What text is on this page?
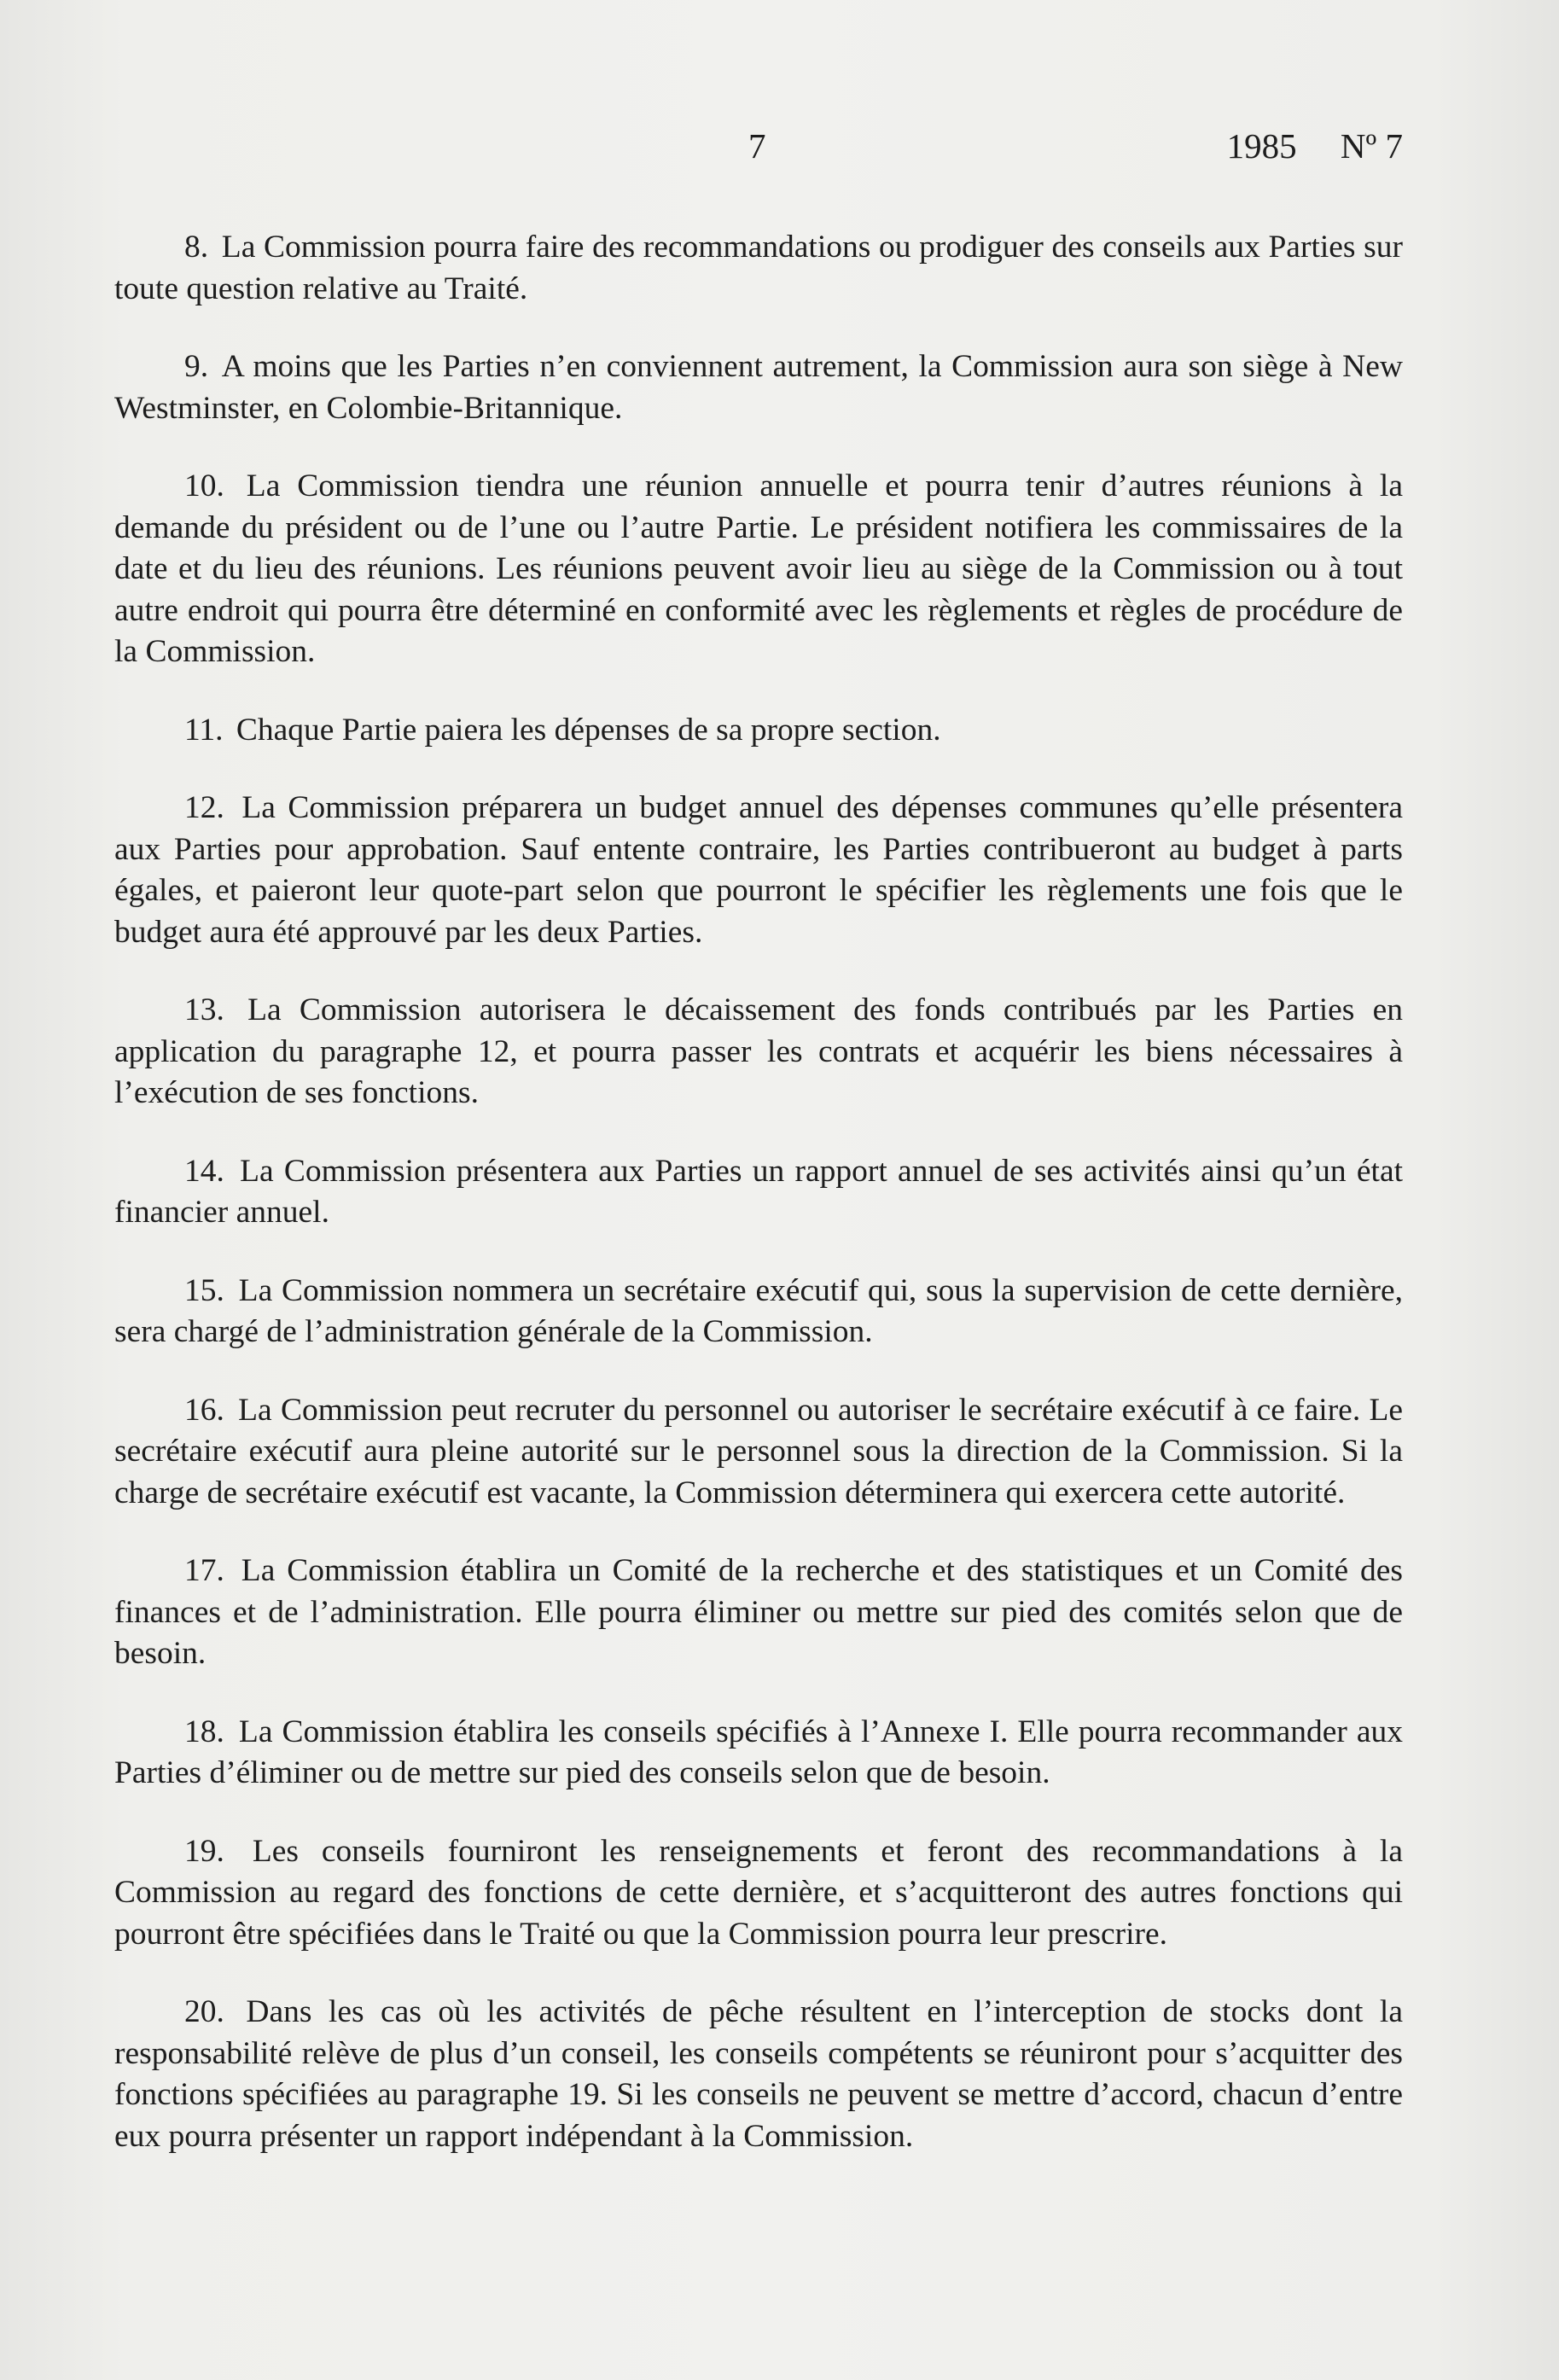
7	1985 Nº 7

8. La Commission pourra faire des recommandations ou prodiguer des conseils aux Parties sur toute question relative au Traité.

9. A moins que les Parties n’en conviennent autrement, la Commission aura son siège à New Westminster, en Colombie-Britannique.

10. La Commission tiendra une réunion annuelle et pourra tenir d’autres réunions à la demande du président ou de l’une ou l’autre Partie. Le président notifiera les commissaires de la date et du lieu des réunions. Les réunions peuvent avoir lieu au siège de la Commission ou à tout autre endroit qui pourra être déterminé en conformité avec les règlements et règles de procédure de la Commission.

11. Chaque Partie paiera les dépenses de sa propre section.

12. La Commission préparera un budget annuel des dépenses communes qu’elle présentera aux Parties pour approbation. Sauf entente contraire, les Parties contribueront au budget à parts égales, et paieront leur quote-part selon que pourront le spécifier les règlements une fois que le budget aura été approuvé par les deux Parties.

13. La Commission autorisera le décaissement des fonds contribués par les Parties en application du paragraphe 12, et pourra passer les contrats et acquérir les biens nécessaires à l’exécution de ses fonctions.

14. La Commission présentera aux Parties un rapport annuel de ses activités ainsi qu’un état financier annuel.

15. La Commission nommera un secrétaire exécutif qui, sous la supervision de cette dernière, sera chargé de l’administration générale de la Commission.

16. La Commission peut recruter du personnel ou autoriser le secrétaire exécutif à ce faire. Le secrétaire exécutif aura pleine autorité sur le personnel sous la direction de la Commission. Si la charge de secrétaire exécutif est vacante, la Commission déterminera qui exercera cette autorité.

17. La Commission établira un Comité de la recherche et des statistiques et un Comité des finances et de l’administration. Elle pourra éliminer ou mettre sur pied des comités selon que de besoin.

18. La Commission établira les conseils spécifiés à l’Annexe I. Elle pourra recommander aux Parties d’éliminer ou de mettre sur pied des conseils selon que de besoin.

19. Les conseils fourniront les renseignements et feront des recommandations à la Commission au regard des fonctions de cette dernière, et s’acquitteront des autres fonctions qui pourront être spécifiées dans le Traité ou que la Commission pourra leur prescrire.

20. Dans les cas où les activités de pêche résultent en l’interception de stocks dont la responsabilité relève de plus d’un conseil, les conseils compétents se réuniront pour s’acquitter des fonctions spécifiées au paragraphe 19. Si les conseils ne peuvent se mettre d’accord, chacun d’entre eux pourra présenter un rapport indépendant à la Commission.
